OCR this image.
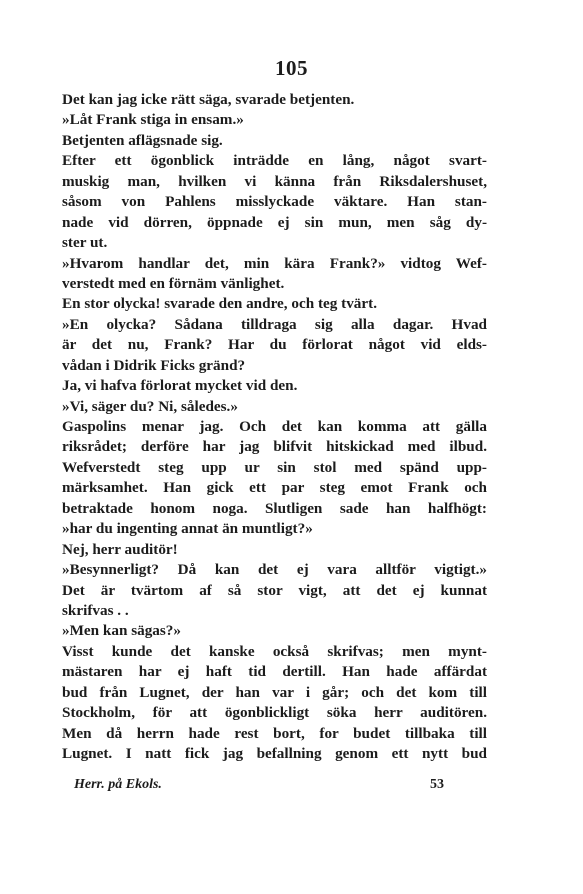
105
Det kan jag icke rätt säga, svarade betjenten.
»Låt Frank stiga in ensam.»
Betjenten aflägsnade sig.
Efter ett ögonblick inträdde en lång, något svart-
muskig man, hvilken vi känna från Riksdalershuset,
såsom von Pahlens misslyckade väktare. Han stan-
nade vid dörren, öppnade ej sin mun, men såg dy-
ster ut.
»Hvarom handlar det, min kära Frank?» vidtog Wef-
verstedt med en förnäm vänlighet.
En stor olycka! svarade den andre, och teg tvärt.
»En olycka? Sådana tilldraga sig alla dagar. Hvad
är det nu, Frank? Har du förlorat något vid elds-
vådan i Didrik Ficks gränd?
Ja, vi hafva förlorat mycket vid den.
»Vi, säger du? Ni, således.»
Gaspolins menar jag. Och det kan komma att gälla
riksrådet; derföre har jag blifvit hitskickad med ilbud.
Wefverstedt steg upp ur sin stol med spänd upp-
märksamhet. Han gick ett par steg emot Frank och
betraktade honom noga. Slutligen sade han halfhögt:
»har du ingenting annat än muntligt?»
Nej, herr auditör!
»Besynnerligt? Då kan det ej vara alltför vigtigt.»
Det är tvärtom af så stor vigt, att det ej kunnat
skrifvas . .
»Men kan sägas?»
Visst kunde det kanske också skrifvas; men mynt-
mästaren har ej haft tid dertill. Han hade affärdat
bud från Lugnet, der han var i går; och det kom till
Stockholm, för att ögonblickligt söka herr auditören.
Men då herrn hade rest bort, for budet tillbaka till
Lugnet. I natt fick jag befallning genom ett nytt bud
Herr. på Ekols.	53
